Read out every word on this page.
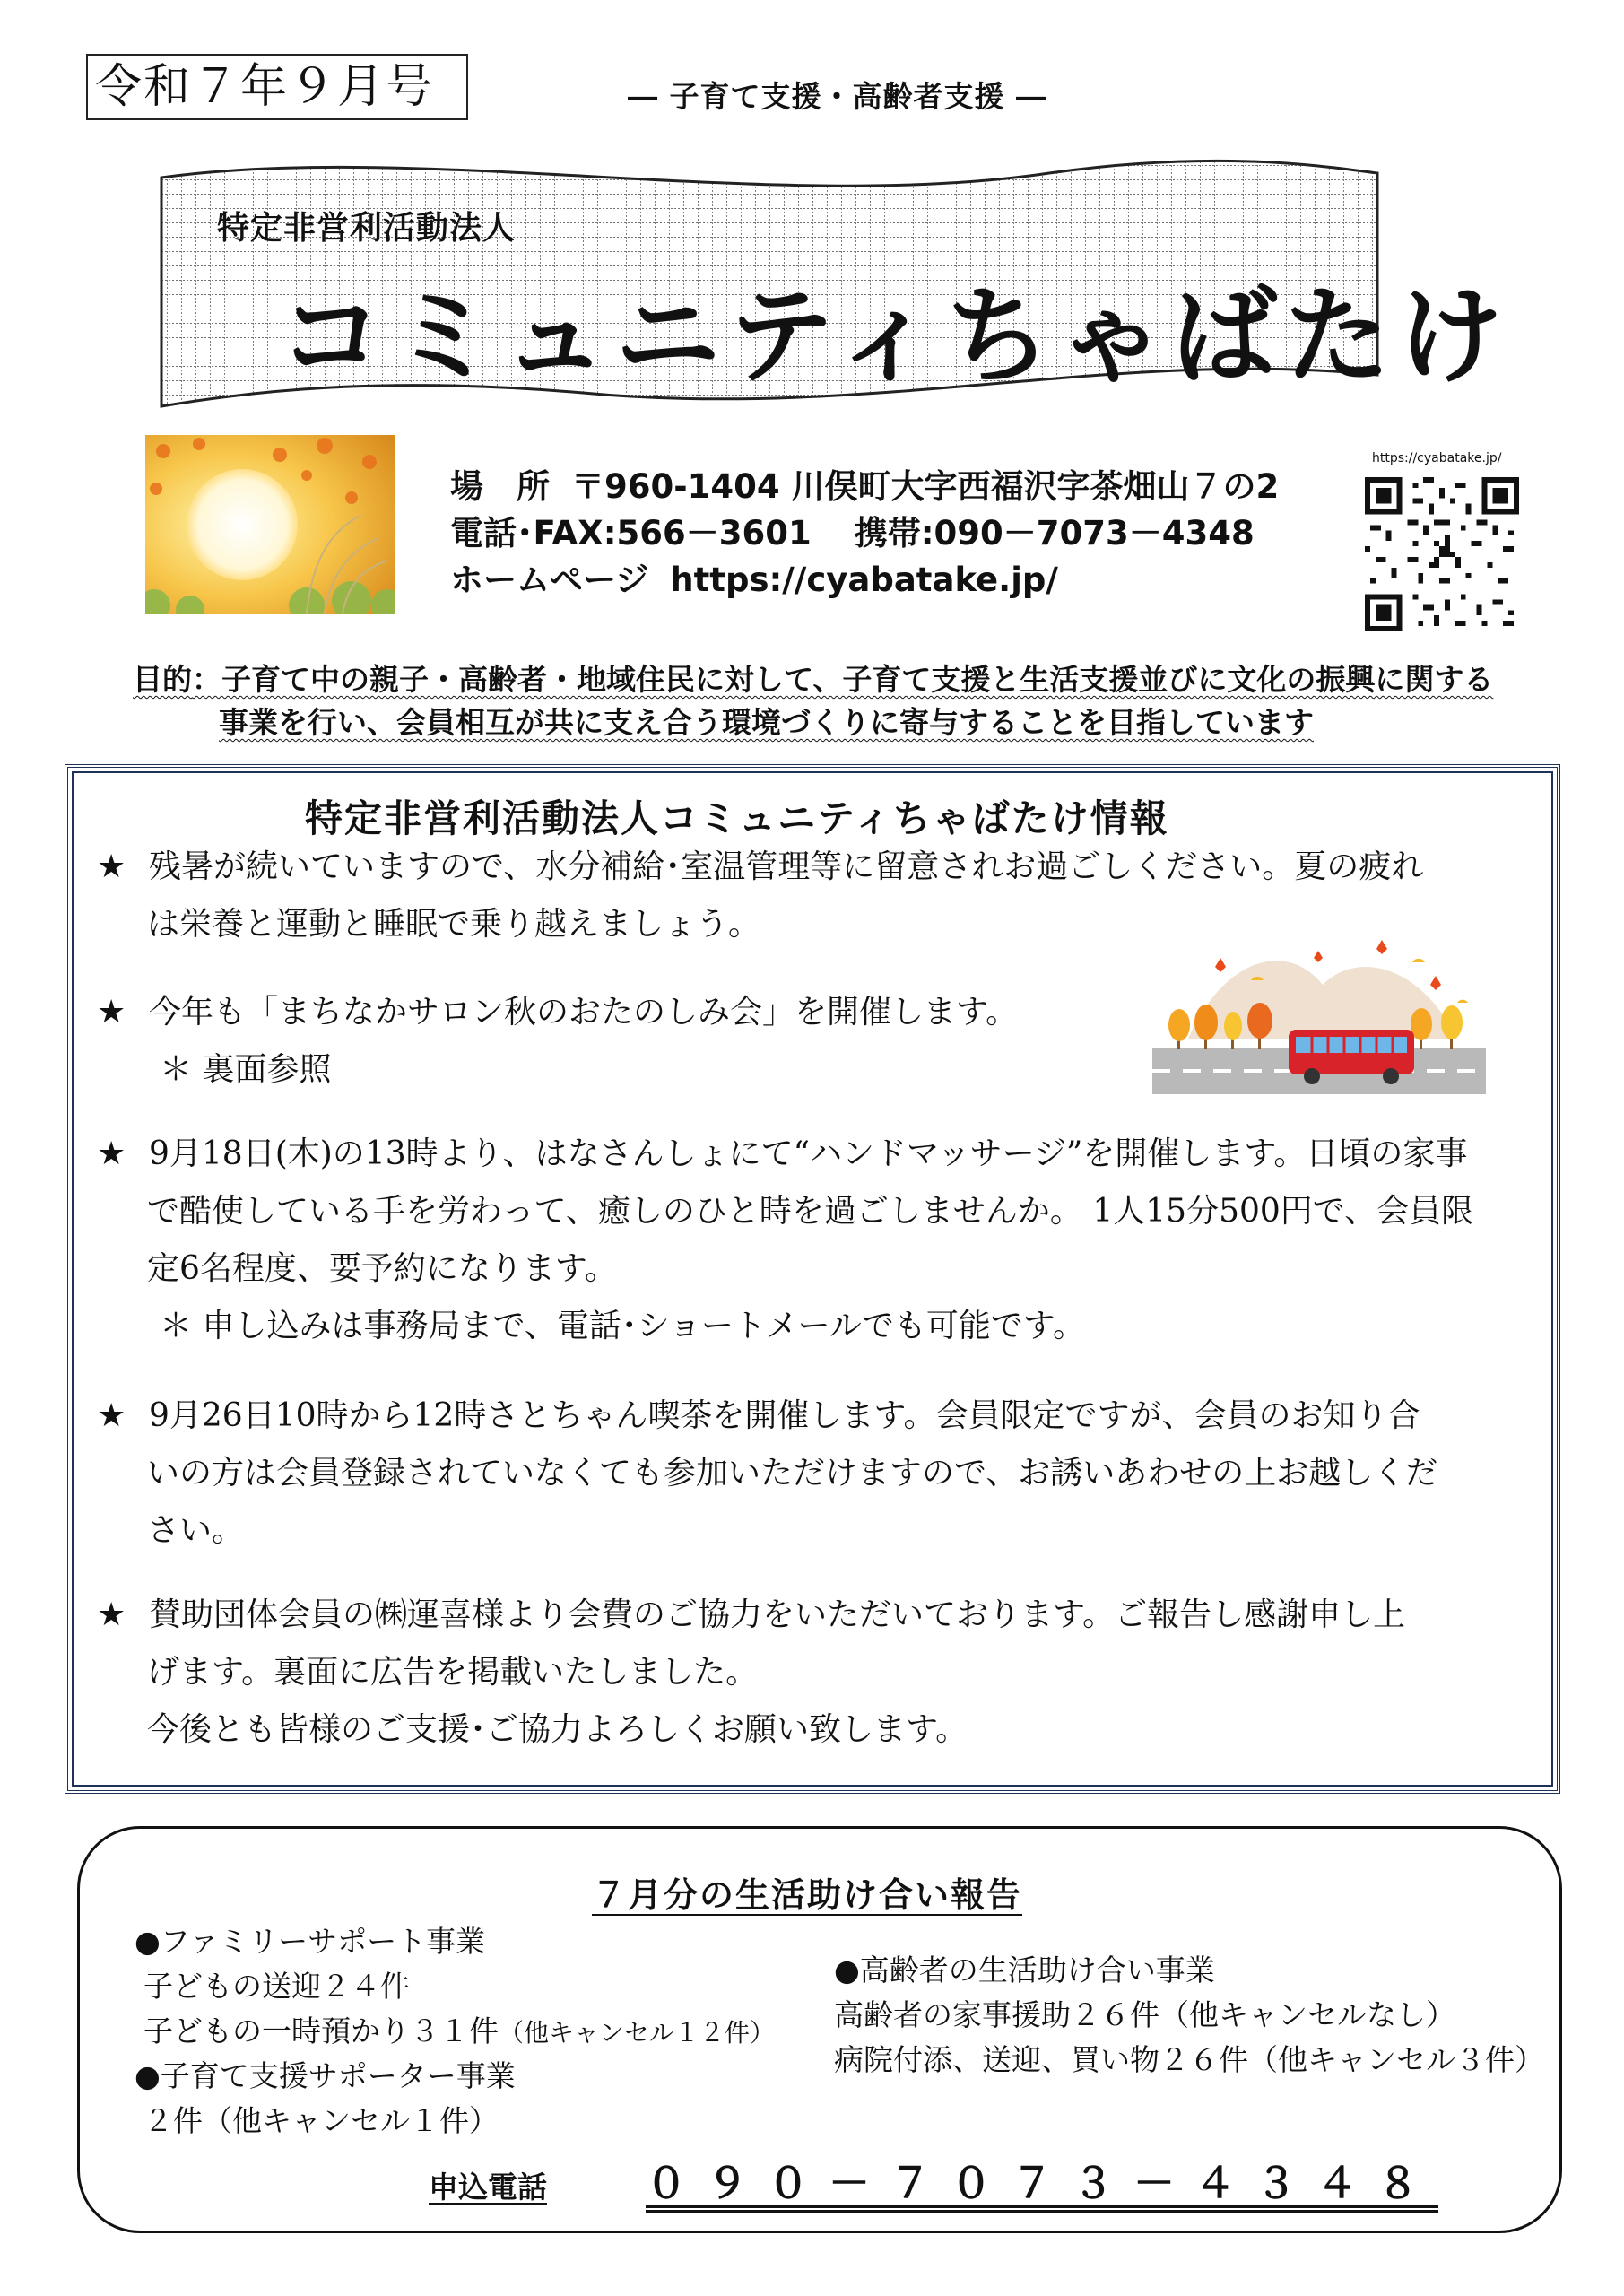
令和７年９月号	― 子育て支援・高齢者支援 ―
特定非営利活動法人
コミュニティちゃばたけ
場　所 〒960-1404 川俣町大字西福沢字茶畑山７の2
電話･FAX:566－3601 携帯:090－7073－4348
ホームページ https://cyabatake.jp/
https://cyabatake.jp/
目的：子育て中の親子・高齢者・地域住民に対して、子育て支援と生活支援並びに文化の振興に関する
事業を行い、会員相互が共に支え合う環境づくりに寄与することを目指しています
特定非営利活動法人コミュニティちゃばたけ情報
★ 残暑が続いていますので、水分補給･室温管理等に留意されお過ごしください。夏の疲れ
は栄養と運動と睡眠で乗り越えましょう。
★ 今年も「まちなかサロン秋のおたのしみ会」を開催します。
＊ 裏面参照
★ 9月18日(木)の13時より、はなさんしょにて“ハンドマッサージ”を開催します。日頃の家事
で酷使している手を労わって、癒しのひと時を過ごしませんか。 1人15分500円で、会員限
定6名程度、要予約になります。
＊ 申し込みは事務局まで、電話･ショートメールでも可能です。
★ 9月26日10時から12時さとちゃん喫茶を開催します。会員限定ですが、会員のお知り合
いの方は会員登録されていなくても参加いただけますので、お誘いあわせの上お越しくだ
さい。
★ 賛助団体会員の㈱運喜様より会費のご協力をいただいております。ご報告し感謝申し上
げます。裏面に広告を掲載いたしました。
今後とも皆様のご支援･ご協力よろしくお願い致します。
７月分の生活助け合い報告
●ファミリーサポート事業
子どもの送迎２４件
子どもの一時預かり３１件（他キャンセル１２件）
●子育て支援サポーター事業
２件（他キャンセル１件）
●高齢者の生活助け合い事業
高齢者の家事援助２６件（他キャンセルなし）
病院付添、送迎、買い物２６件（他キャンセル３件）
申込電話 ０９０－７０７３－４３４８
